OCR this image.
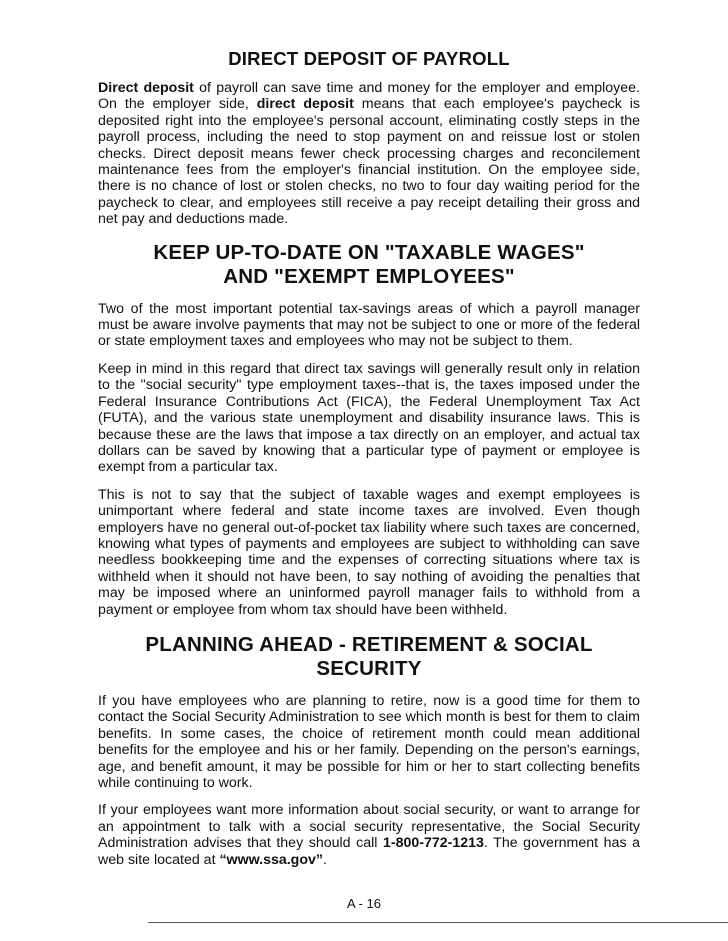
DIRECT DEPOSIT OF PAYROLL

Direct deposit of payroll can save time and money for the employer and employee. On the employer side, direct deposit means that each employee's paycheck is deposited right into the employee's personal account, eliminating costly steps in the payroll process, including the need to stop payment on and reissue lost or stolen checks. Direct deposit means fewer check processing charges and reconcilement maintenance fees from the employer's financial institution. On the employee side, there is no chance of lost or stolen checks, no two to four day waiting period for the paycheck to clear, and employees still receive a pay receipt detailing their gross and net pay and deductions made.

KEEP UP-TO-DATE ON "TAXABLE WAGES"
AND "EXEMPT EMPLOYEES"

Two of the most important potential tax-savings areas of which a payroll manager must be aware involve payments that may not be subject to one or more of the federal or state employment taxes and employees who may not be subject to them.

Keep in mind in this regard that direct tax savings will generally result only in relation to the "social security" type employment taxes--that is, the taxes imposed under the Federal Insurance Contributions Act (FICA), the Federal Unemployment Tax Act (FUTA), and the various state unemployment and disability insurance laws. This is because these are the laws that impose a tax directly on an employer, and actual tax dollars can be saved by knowing that a particular type of payment or employee is exempt from a particular tax.

This is not to say that the subject of taxable wages and exempt employees is unimportant where federal and state income taxes are involved. Even though employers have no general out-of-pocket tax liability where such taxes are concerned, knowing what types of payments and employees are subject to withholding can save needless bookkeeping time and the expenses of correcting situations where tax is withheld when it should not have been, to say nothing of avoiding the penalties that may be imposed where an uninformed payroll manager fails to withhold from a payment or employee from whom tax should have been withheld.

PLANNING AHEAD - RETIREMENT & SOCIAL SECURITY

If you have employees who are planning to retire, now is a good time for them to contact the Social Security Administration to see which month is best for them to claim benefits. In some cases, the choice of retirement month could mean additional benefits for the employee and his or her family. Depending on the person's earnings, age, and benefit amount, it may be possible for him or her to start collecting benefits while continuing to work.

If your employees want more information about social security, or want to arrange for an appointment to talk with a social security representative, the Social Security Administration advises that they should call 1-800-772-1213. The government has a web site located at “www.ssa.gov”.

A - 16
